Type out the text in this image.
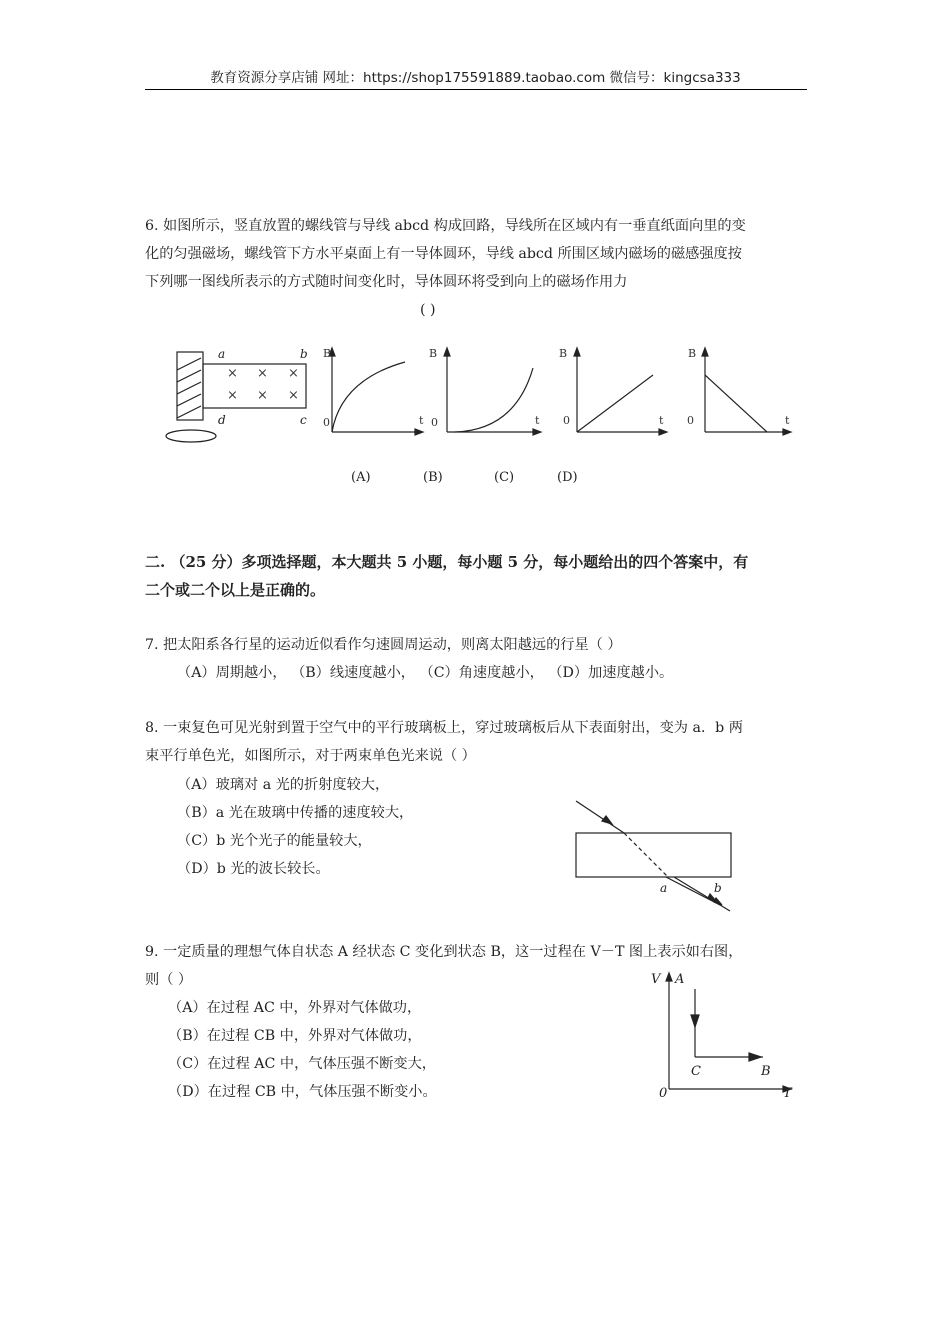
教育资源分享店铺 网址：https://shop175591889.taobao.com 微信号：kingcsa333
6. 如图所示，竖直放置的螺线管与导线 abcd 构成回路，导线所在区域内有一垂直纸面向里的变
化的匀强磁场，螺线管下方水平桌面上有一导体圆环，导线 abcd 所围区域内磁场的磁感强度按
下列哪一图线所表示的方式随时间变化时，导体圆环将受到向上的磁场作用力
( )
a	b
d	c
× × ×
× × ×
B
0	t
B
0	t
B
0	t
B
0	t
(A)	(B)	(C)	(D)
二. （25 分）多项选择题，本大题共 5 小题，每小题 5 分，每小题给出的四个答案中，有
二个或二个以上是正确的。
7. 把太阳系各行星的运动近似看作匀速圆周运动，则离太阳越远的行星（ ）
（A）周期越小， （B）线速度越小， （C）角速度越小， （D）加速度越小。
8. 一束复色可见光射到置于空气中的平行玻璃板上，穿过玻璃板后从下表面射出，变为 a．b 两
束平行单色光，如图所示，对于两束单色光来说（ ）
（A）玻璃对 a 光的折射度较大，
（B）a 光在玻璃中传播的速度较大，
（C）b 光个光子的能量较大，
（D）b 光的波长较长。
a	b
9. 一定质量的理想气体自状态 A 经状态 C 变化到状态 B，这一过程在 V－T 图上表示如右图，
则（ ）
（A）在过程 AC 中，外界对气体做功，
（B）在过程 CB 中，外界对气体做功，
（C）在过程 AC 中，气体压强不断变大，
（D）在过程 CB 中，气体压强不断变小。
V A
C	B
0	T
